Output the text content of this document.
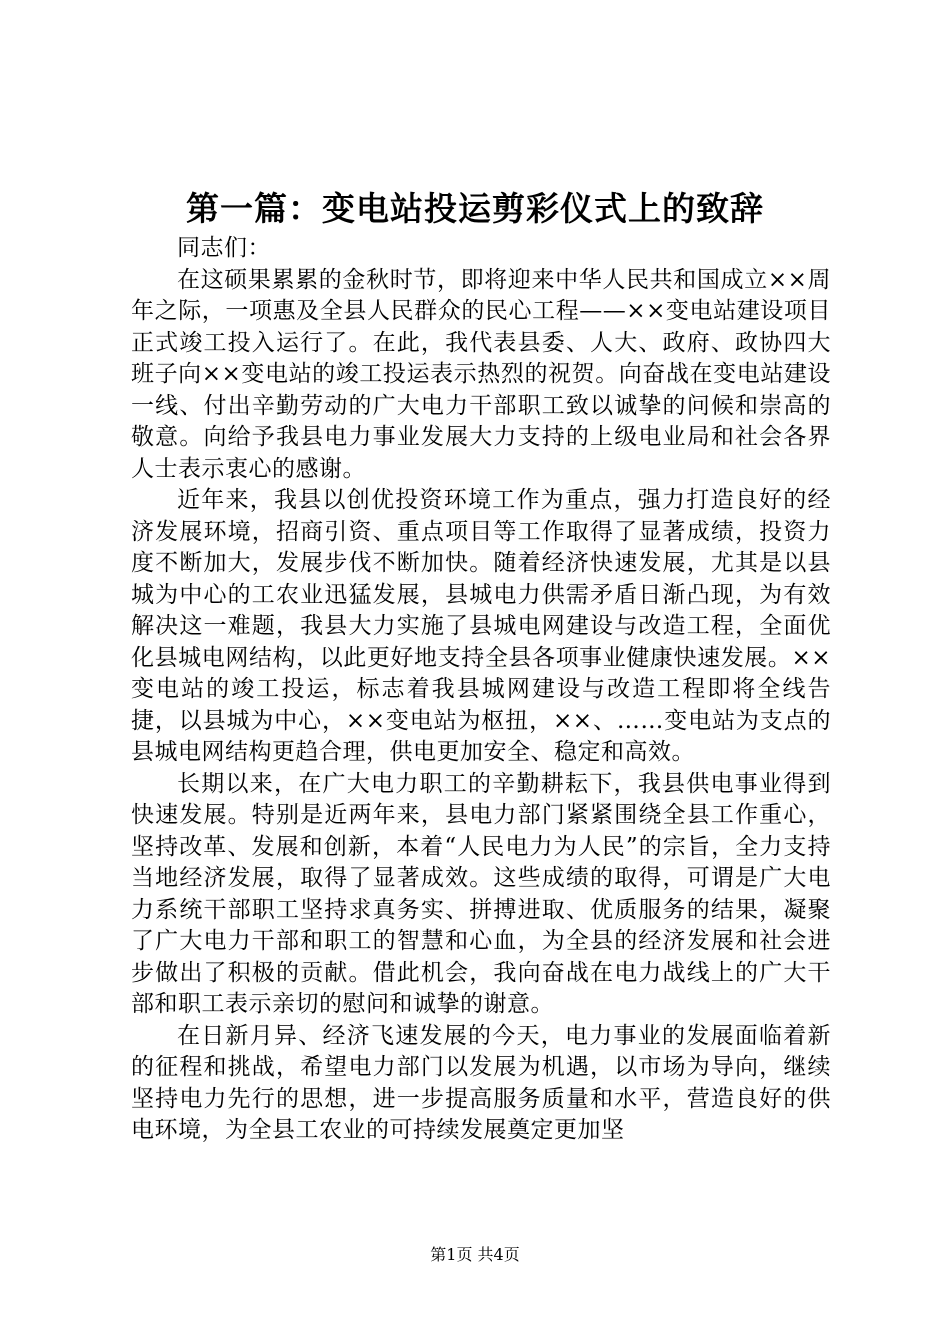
第一篇：变电站投运剪彩仪式上的致辞

同志们：

在这硕果累累的金秋时节，即将迎来中华人民共和国成立××周年之际，一项惠及全县人民群众的民心工程——××变电站建设项目正式竣工投入运行了。在此，我代表县委、人大、政府、政协四大班子向××变电站的竣工投运表示热烈的祝贺。向奋战在变电站建设一线、付出辛勤劳动的广大电力干部职工致以诚挚的问候和崇高的敬意。向给予我县电力事业发展大力支持的上级电业局和社会各界人士表示衷心的感谢。

近年来，我县以创优投资环境工作为重点，强力打造良好的经济发展环境，招商引资、重点项目等工作取得了显著成绩，投资力度不断加大，发展步伐不断加快。随着经济快速发展，尤其是以县城为中心的工农业迅猛发展，县城电力供需矛盾日渐凸现，为有效解决这一难题，我县大力实施了县城电网建设与改造工程，全面优化县城电网结构，以此更好地支持全县各项事业健康快速发展。××变电站的竣工投运，标志着我县城网建设与改造工程即将全线告捷，以县城为中心，××变电站为枢扭，××、……变电站为支点的县城电网结构更趋合理，供电更加安全、稳定和高效。

长期以来，在广大电力职工的辛勤耕耘下，我县供电事业得到快速发展。特别是近两年来，县电力部门紧紧围绕全县工作重心，坚持改革、发展和创新，本着“人民电力为人民”的宗旨，全力支持当地经济发展，取得了显著成效。这些成绩的取得，可谓是广大电力系统干部职工坚持求真务实、拼搏进取、优质服务的结果，凝聚了广大电力干部和职工的智慧和心血，为全县的经济发展和社会进步做出了积极的贡献。借此机会，我向奋战在电力战线上的广大干部和职工表示亲切的慰问和诚挚的谢意。

在日新月异、经济飞速发展的今天，电力事业的发展面临着新的征程和挑战，希望电力部门以发展为机遇，以市场为导向，继续坚持电力先行的思想，进一步提高服务质量和水平，营造良好的供电环境，为全县工农业的可持续发展奠定更加坚

第1页 共4页
